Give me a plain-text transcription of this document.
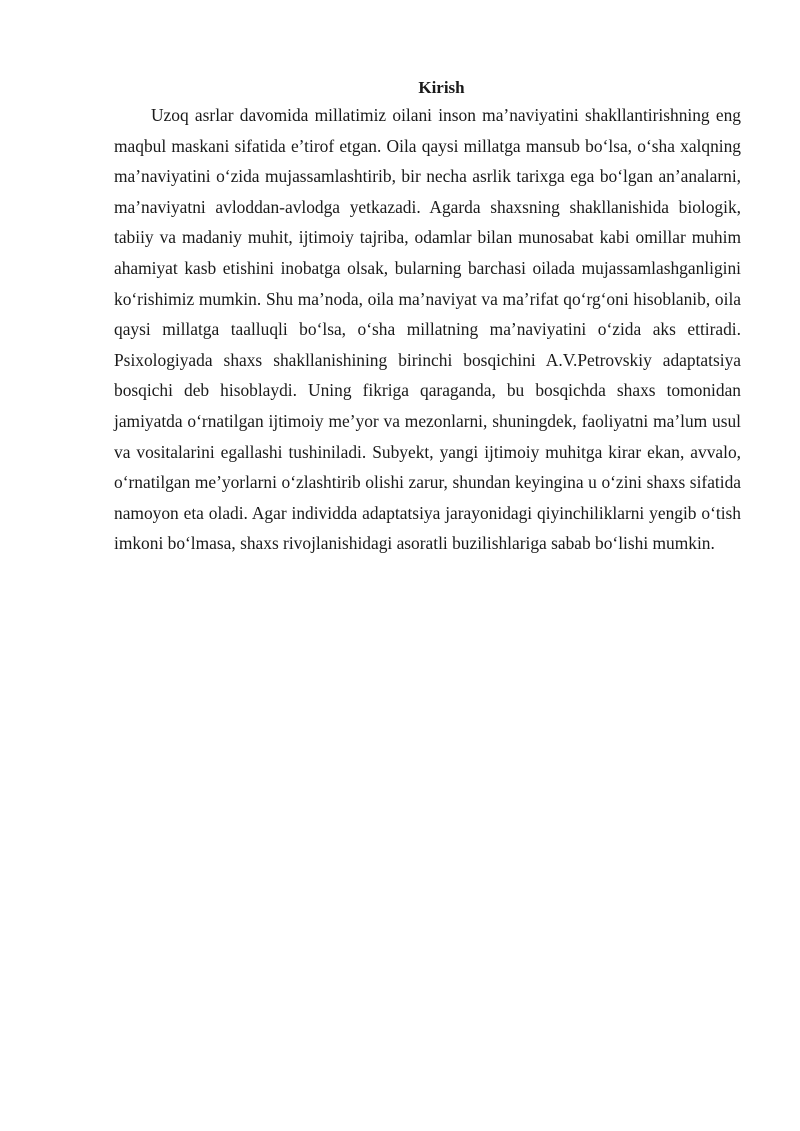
Kirish

Uzoq asrlar davomida millatimiz oilani inson ma’naviyatini shakllantirishning eng maqbul maskani sifatida e’tirof etgan. Oila qaysi millatga mansub bo‘lsa, o‘sha xalqning ma’naviyatini o‘zida mujassamlashtirib, bir necha asrlik tarixga ega bo‘lgan an’analarni, ma’naviyatni avloddan-avlodga yetkazadi. Agarda shaxsning shakllanishida biologik, tabiiy va madaniy muhit, ijtimoiy tajriba, odamlar bilan munosabat kabi omillar muhim ahamiyat kasb etishini inobatga olsak, bularning barchasi oilada mujassamlashganligini ko‘rishimiz mumkin. Shu ma’noda, oila ma’naviyat va ma’rifat qo‘rg‘oni hisoblanib, oila qaysi millatga taalluqli bo‘lsa, o‘sha millatning ma’naviyatini o‘zida aks ettiradi. Psixologiyada shaxs shakllanishining birinchi bosqichini A.V.Petrovskiy adaptatsiya bosqichi deb hisoblaydi. Uning fikriga qaraganda, bu bosqichda shaxs tomonidan jamiyatda o‘rnatilgan ijtimoiy me’yor va mezonlarni, shuningdek, faoliyatni ma’lum usul va vositalarini egallashi tushiniladi. Subyekt, yangi ijtimoiy muhitga kirar ekan, avvalo, o‘rnatilgan me’yorlarni o‘zlashtirib olishi zarur, shundan keyingina u o‘zini shaxs sifatida namoyon eta oladi. Agar individda adaptatsiya jarayonidagi qiyinchiliklarni yengib o‘tish imkoni bo‘lmasa, shaxs rivojlanishidagi asoratli buzilishlariga sabab bo‘lishi mumkin.
